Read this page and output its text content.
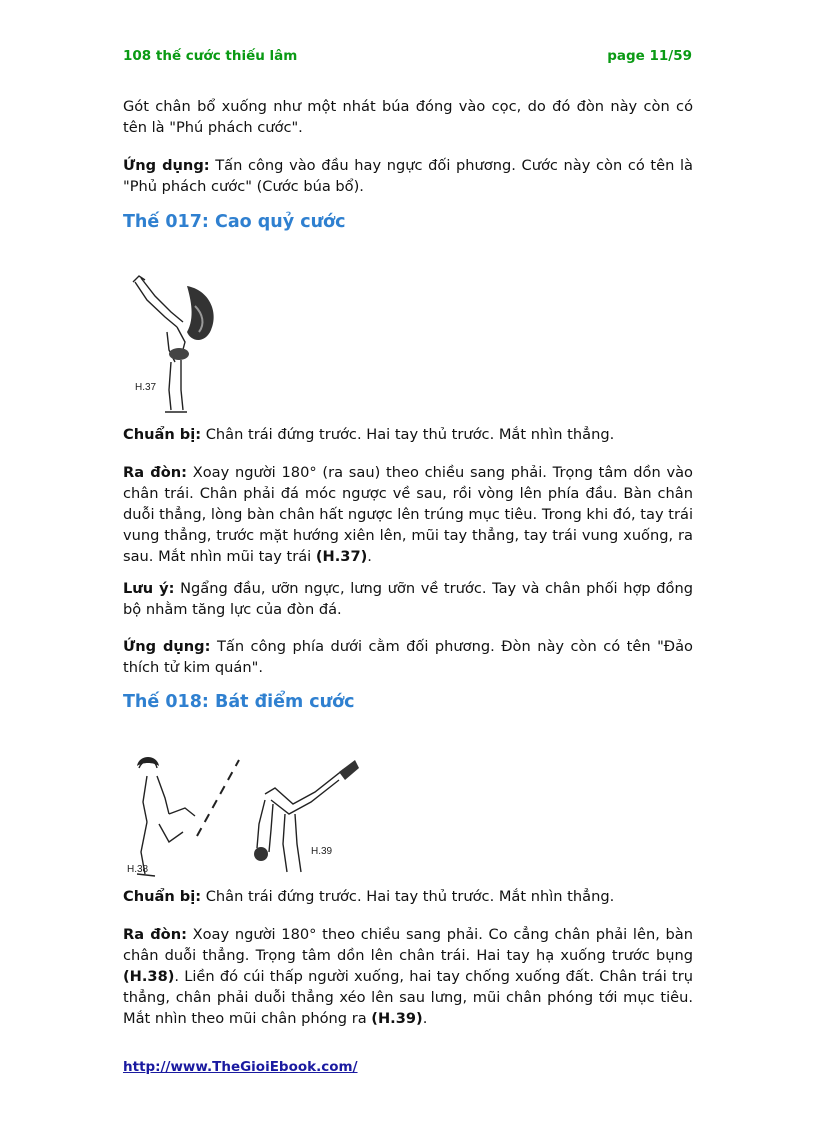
108 thế cước thiếu lâm	page 11/59

Gót chân bổ xuống như một nhát búa đóng vào cọc, do đó đòn này còn có tên là "Phú phách cước".

Ứng dụng: Tấn công vào đầu hay ngực đối phương. Cước này còn có tên là "Phủ phách cước" (Cước búa bổ).

Thế 017: Cao quỷ cước
H.37

Chuẩn bị: Chân trái đứng trước. Hai tay thủ trước. Mắt nhìn thẳng.

Ra đòn: Xoay người 180° (ra sau) theo chiều sang phải. Trọng tâm dồn vào chân trái. Chân phải đá móc ngược về sau, rồi vòng lên phía đầu. Bàn chân duỗi thẳng, lòng bàn chân hất ngược lên trúng mục tiêu. Trong khi đó, tay trái vung thẳng, trước mặt hướng xiên lên, mũi tay thẳng, tay trái vung xuống, ra sau. Mắt nhìn mũi tay trái (H.37).

Lưu ý: Ngẩng đầu, ưỡn ngực, lưng ưỡn về trước. Tay và chân phối hợp đồng bộ nhằm tăng lực của đòn đá.

Ứng dụng: Tấn công phía dưới cằm đối phương. Đòn này còn có tên "Đảo thích tử kim quán".

Thế 018: Bát điểm cước
H.38
H.39

Chuẩn bị: Chân trái đứng trước. Hai tay thủ trước. Mắt nhìn thẳng.

Ra đòn: Xoay người 180° theo chiều sang phải. Co cẳng chân phải lên, bàn chân duỗi thẳng. Trọng tâm dồn lên chân trái. Hai tay hạ xuống trước bụng (H.38). Liền đó cúi thấp người xuống, hai tay chống xuống đất. Chân trái trụ thẳng, chân phải duỗi thẳng xéo lên sau lưng, mũi chân phóng tới mục tiêu. Mắt nhìn theo mũi chân phóng ra (H.39).

http://www.TheGioiEbook.com/
